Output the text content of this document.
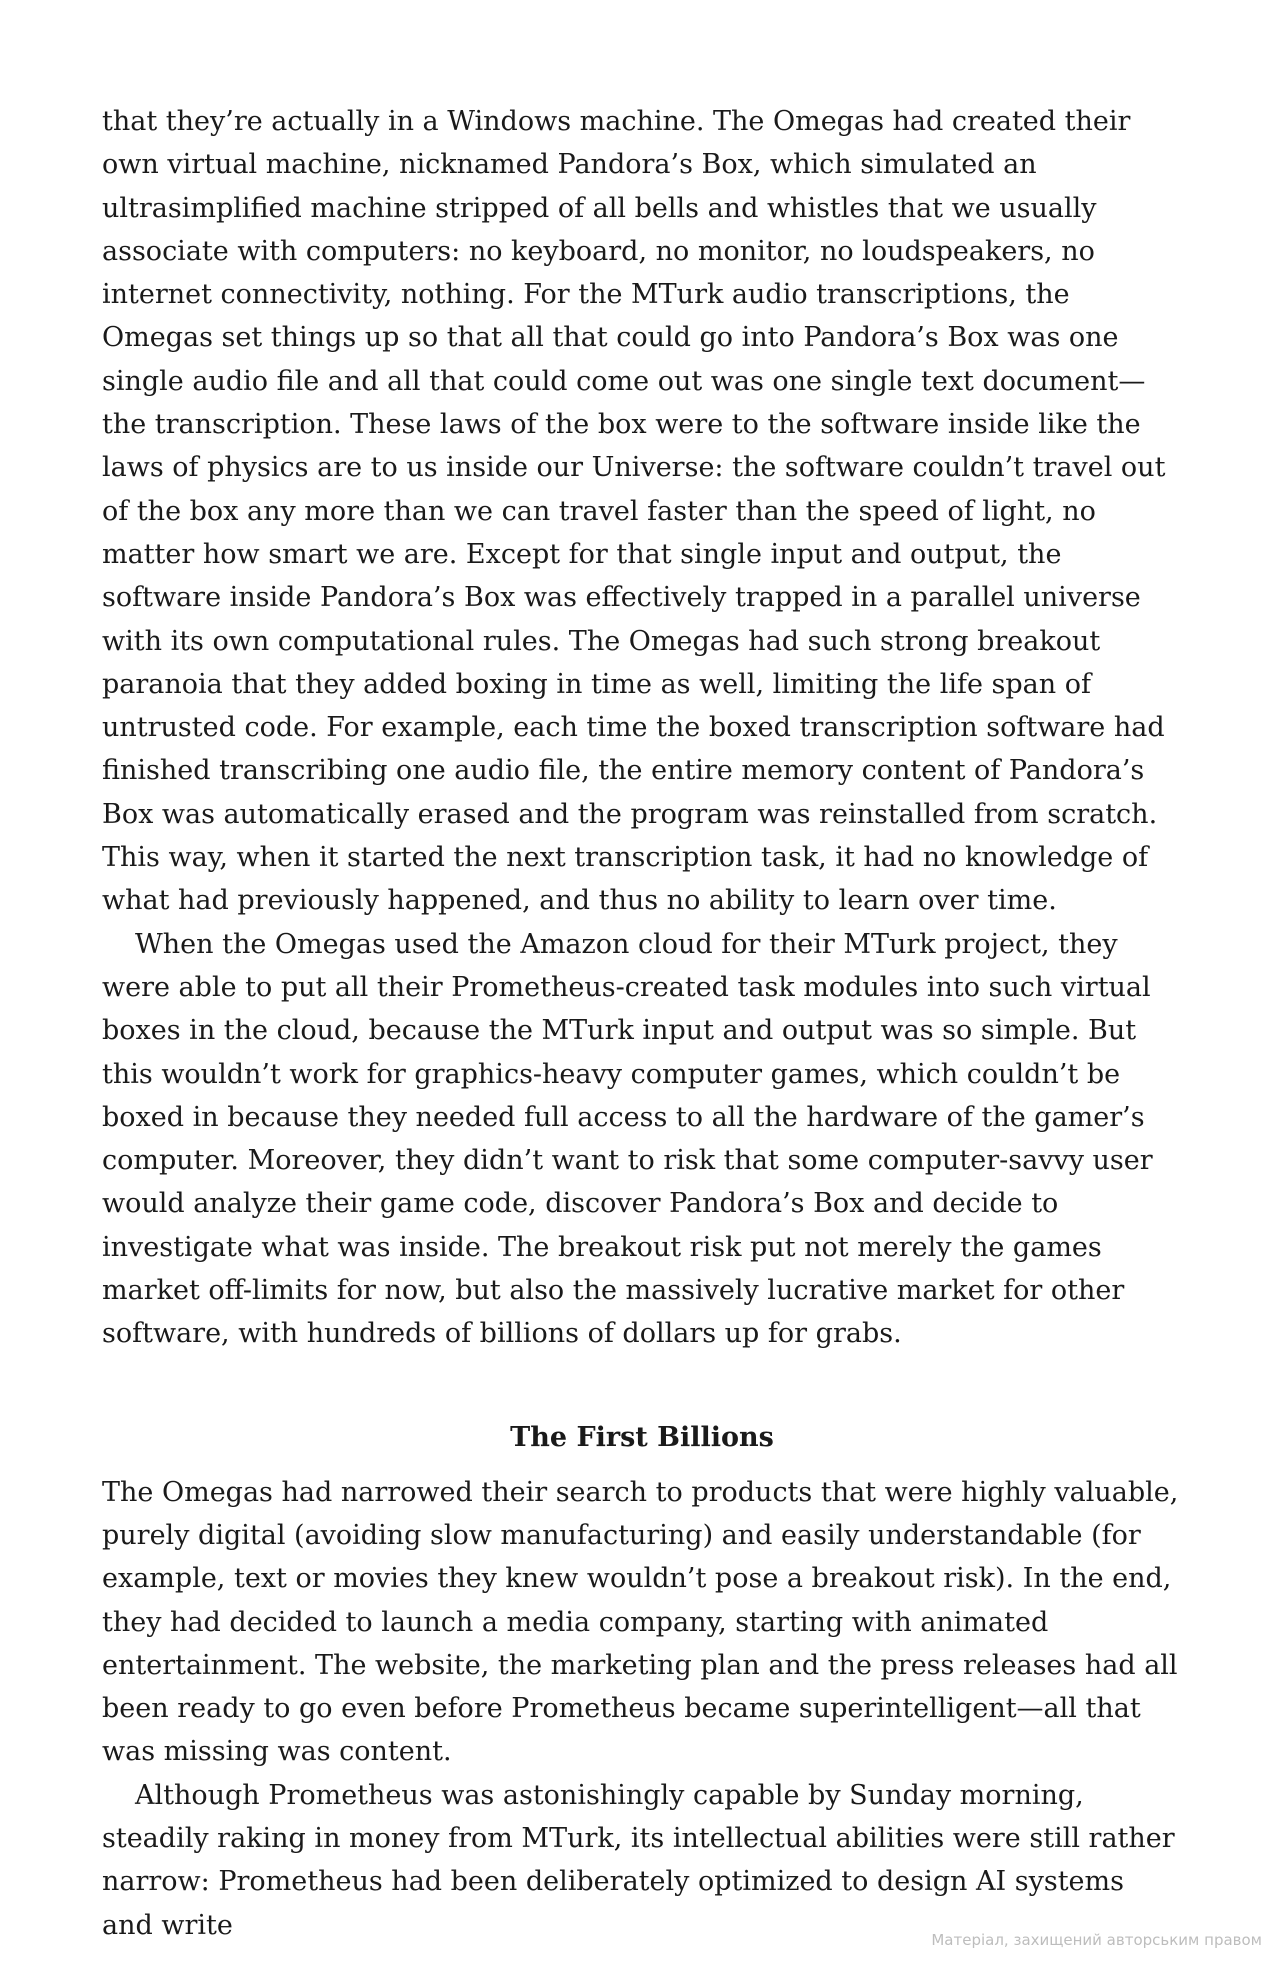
that they’re actually in a Windows machine. The Omegas had created their own virtual machine, nicknamed Pandora’s Box, which simulated an ultrasimplified machine stripped of all bells and whistles that we usually associate with computers: no keyboard, no monitor, no loudspeakers, no internet connectivity, nothing. For the MTurk audio transcriptions, the Omegas set things up so that all that could go into Pandora’s Box was one single audio file and all that could come out was one single text document—the transcription. These laws of the box were to the software inside like the laws of physics are to us inside our Universe: the software couldn’t travel out of the box any more than we can travel faster than the speed of light, no matter how smart we are. Except for that single input and output, the software inside Pandora’s Box was effectively trapped in a parallel universe with its own computational rules. The Omegas had such strong breakout paranoia that they added boxing in time as well, limiting the life span of untrusted code. For example, each time the boxed transcription software had finished transcribing one audio file, the entire memory content of Pandora’s Box was automatically erased and the program was reinstalled from scratch. This way, when it started the next transcription task, it had no knowledge of what had previously happened, and thus no ability to learn over time.

When the Omegas used the Amazon cloud for their MTurk project, they were able to put all their Prometheus-created task modules into such virtual boxes in the cloud, because the MTurk input and output was so simple. But this wouldn’t work for graphics-heavy computer games, which couldn’t be boxed in because they needed full access to all the hardware of the gamer’s computer. Moreover, they didn’t want to risk that some computer-savvy user would analyze their game code, discover Pandora’s Box and decide to investigate what was inside. The breakout risk put not merely the games market off-limits for now, but also the massively lucrative market for other software, with hundreds of billions of dollars up for grabs.

The First Billions

The Omegas had narrowed their search to products that were highly valuable, purely digital (avoiding slow manufacturing) and easily understandable (for example, text or movies they knew wouldn’t pose a breakout risk). In the end, they had decided to launch a media company, starting with animated entertainment. The website, the marketing plan and the press releases had all been ready to go even before Prometheus became superintelligent—all that was missing was content.

Although Prometheus was astonishingly capable by Sunday morning, steadily raking in money from MTurk, its intellectual abilities were still rather narrow: Prometheus had been deliberately optimized to design AI systems and write	Матеріал, захищений авторським правом
